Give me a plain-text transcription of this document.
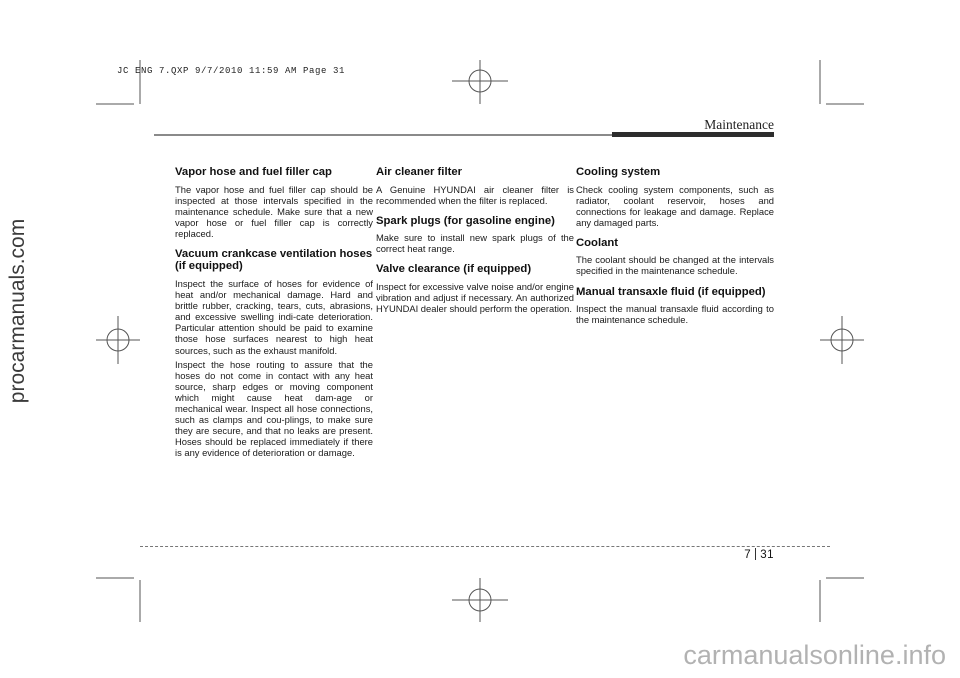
JC ENG 7.QXP 9/7/2010 11:59 AM Page 31
procarmanuals.com
Maintenance
Vapor hose and fuel filler cap

The vapor hose and fuel filler cap should be inspected at those intervals specified in the maintenance schedule. Make sure that a new vapor hose or fuel filler cap is correctly replaced.

Vacuum crankcase ventilation hoses (if equipped)

Inspect the surface of hoses for evidence of heat and/or mechanical damage. Hard and brittle rubber, cracking, tears, cuts, abrasions, and excessive swelling indi-cate deterioration. Particular attention should be paid to examine those hose surfaces nearest to high heat sources, such as the exhaust manifold.

Inspect the hose routing to assure that the hoses do not come in contact with any heat source, sharp edges or moving component which might cause heat dam-age or mechanical wear. Inspect all hose connections, such as clamps and cou-plings, to make sure they are secure, and that no leaks are present. Hoses should be replaced immediately if there is any evidence of deterioration or damage.

Air cleaner filter

A Genuine HYUNDAI air cleaner filter is recommended when the filter is replaced.

Spark plugs (for gasoline engine)

Make sure to install new spark plugs of the correct heat range.

Valve clearance (if equipped)

Inspect for excessive valve noise and/or engine vibration and adjust if necessary. An authorized HYUNDAI dealer should perform the operation.

Cooling system

Check cooling system components, such as radiator, coolant reservoir, hoses and connections for leakage and damage. Replace any damaged parts.

Coolant

The coolant should be changed at the intervals specified in the maintenance schedule.

Manual transaxle fluid (if equipped)

Inspect the manual transaxle fluid according to the maintenance schedule.

7 31
carmanualsonline.info
